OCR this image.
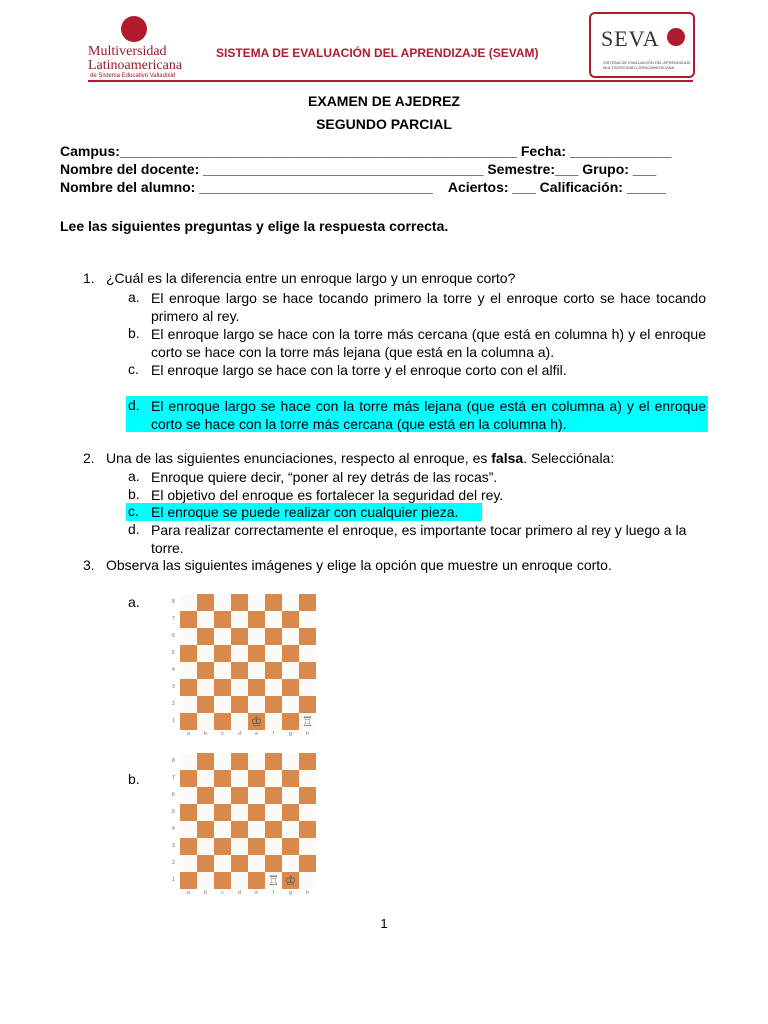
Multiversidad
Latinoamericana
de Sistema Educativo Valladolid
SISTEMA DE EVALUACIÓN DEL APRENDIZAJE (SEVAM)
SEVA
SISTEMA DE EVALUACIÓN DEL APRENDIZAJE
MULTIVERSIDAD LATINOAMERICANA
EXAMEN DE AJEDREZ
SEGUNDO PARCIAL
Campus:___________________________________________________ Fecha: _____________
Nombre del docente: ____________________________________ Semestre:___ Grupo: ___
Nombre del alumno: ______________________________    Aciertos: ___ Calificación: _____
Lee las siguientes preguntas y elige la respuesta correcta.
1. ¿Cuál es la diferencia entre un enroque largo y un enroque corto?
a. El enroque largo se hace tocando primero la torre y el enroque corto se hace tocando primero al rey.
b. El enroque largo se hace con la torre más cercana (que está en columna h) y el enroque corto se hace con la torre más lejana (que está en la columna a).
c. El enroque largo se hace con la torre y el enroque corto con el alfil.
d. El enroque largo se hace con la torre más lejana (que está en columna a) y el enroque corto se hace con la torre más cercana (que está en la columna h).
2. Una de las siguientes enunciaciones, respecto al enroque, es falsa. Selecciónala:
a. Enroque quiere decir, “poner al rey detrás de las rocas”.
b. El objetivo del enroque es fortalecer la seguridad del rey.
c. El enroque se puede realizar con cualquier pieza.
d. Para realizar correctamente el enroque, es importante tocar primero al rey y luego a la torre.
3. Observa las siguientes imágenes y elige la opción que muestre un enroque corto.
a.
b.
8
7
6
5
4
3
2
1	♔	♖
a	b	c	d	e	f	g	h
8
7
6
5
4
3
2
1	♖ ♔
a	b	c	d	e	f	g	h
1
